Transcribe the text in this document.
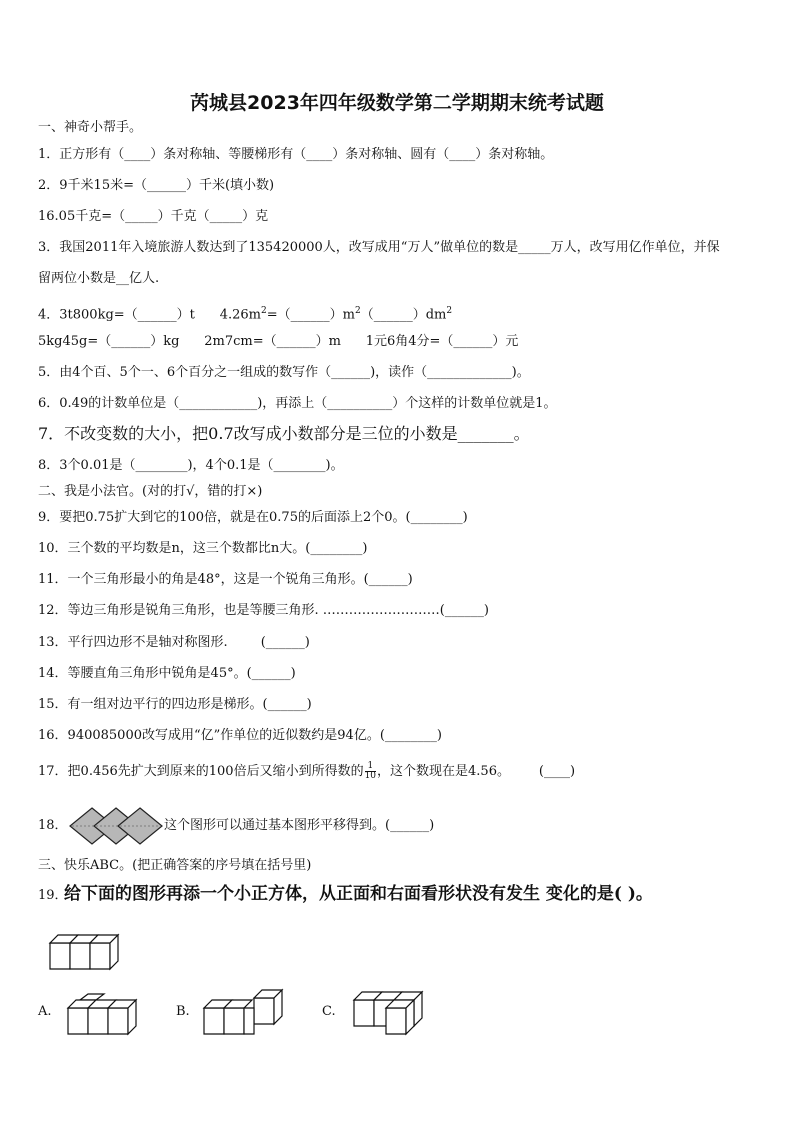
芮城县2023年四年级数学第二学期期末统考试题
一、神奇小帮手。
1．正方形有（____）条对称轴、等腰梯形有（____）条对称轴、圆有（____）条对称轴。
2．9千米15米=（______）千米(填小数)
16.05千克=（_____）千克（_____）克
3．我国2011年入境旅游人数达到了135420000人，改写成用“万人”做单位的数是_____万人，改写用亿作单位，并保
留两位小数是__亿人.
4．3t800kg=（______）t $4.26m^2=(\_\_\_\_\_\_)m^2(\_\_\_\_\_\_)dm^2$
5kg45g=（______）kg      2m7cm=（______）m      1元6角4分=（______）元
5．由4个百、5个一、6个百分之一组成的数写作（______)，读作（_____________)。
6．0.49的计数单位是（____________)，再添上（__________）个这样的计数单位就是1。
7．不改变数的大小，把0.7改写成小数部分是三位的小数是_______。
8．3个0.01是（________)，4个0.1是（________)。
二、我是小法官。(对的打√，错的打×)
9．要把0.75扩大到它的100倍，就是在0.75的后面添上2个0。(________)
10．三个数的平均数是n，这三个数都比n大。(________)
11．一个三角形最小的角是48°，这是一个锐角三角形。(______)
12．等边三角形是锐角三角形，也是等腰三角形. ………………………(______)
13．平行四边形不是轴对称图形.        (______)
14．等腰直角三角形中锐角是45°。(______)
15．有一组对边平行的四边形是梯形。(______)
16．940085000改写成用“亿”作单位的近似数约是94亿。(________)
17．把0.456先扩大到原来的100倍后又缩小到所得数的 $\frac{1}{10}$ ，这个数现在是4.56。       (____)
18．	这个图形可以通过基本图形平移得到。(______)
三、快乐ABC。(把正确答案的序号填在括号里)
19．
给下面的图形再添一个小正方体，从正面和右面看形状没有发生 变化的是( )。
A.	B.	C.
